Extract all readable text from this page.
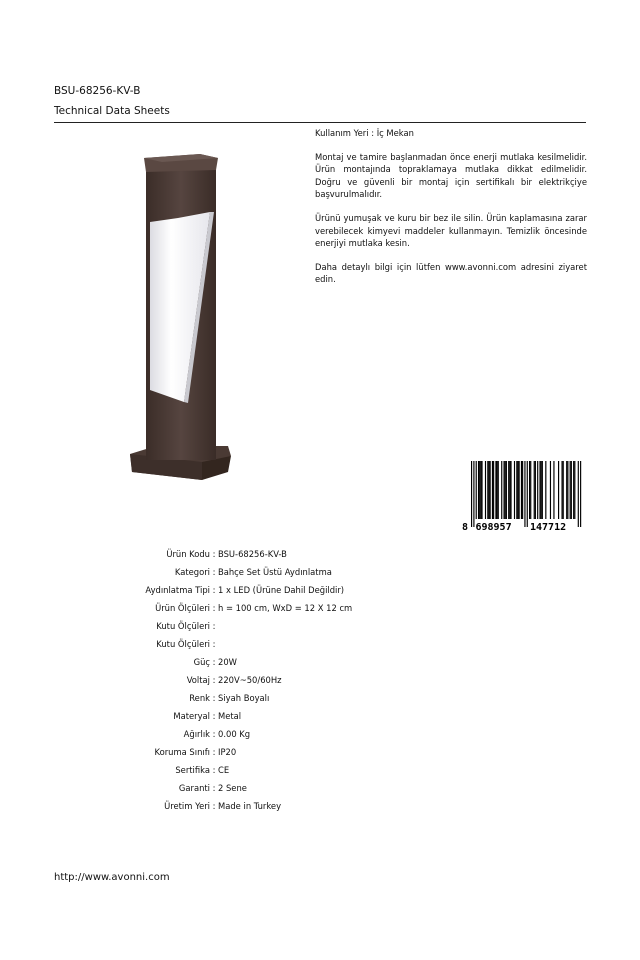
BSU-68256-KV-B
Technical Data Sheets

Kullanım Yeri : İç Mekan

Montaj ve tamire başlanmadan önce enerji mutlaka kesilmelidir. Ürün montajında topraklamaya mutlaka dikkat edilmelidir. Doğru ve güvenli bir montaj için sertifikalı bir elektrikçiye başvurulmalıdır.

Ürünü yumuşak ve kuru bir bez ile silin. Ürün kaplamasına zarar verebilecek kimyevi maddeler kullanmayın. Temizlik öncesinde enerjiyi mutlaka kesin.

Daha detaylı bilgi için lütfen www.avonni.com adresini ziyaret edin.

8 698957 147712
Ürün Kodu : BSU-68256-KV-B
Kategori : Bahçe Set Üstü Aydınlatma
Aydınlatma Tipi : 1 x LED (Ürüne Dahil Değildir)
Ürün Ölçüleri : h = 100 cm, WxD = 12 X 12 cm
Kutu Ölçüleri :
Kutu Ölçüleri :
Güç : 20W
Voltaj : 220V~50/60Hz
Renk : Siyah Boyalı
Materyal : Metal
Ağırlık : 0.00 Kg
Koruma Sınıfı : IP20
Sertifika : CE
Garanti : 2 Sene
Üretim Yeri : Made in Turkey
http://www.avonni.com
